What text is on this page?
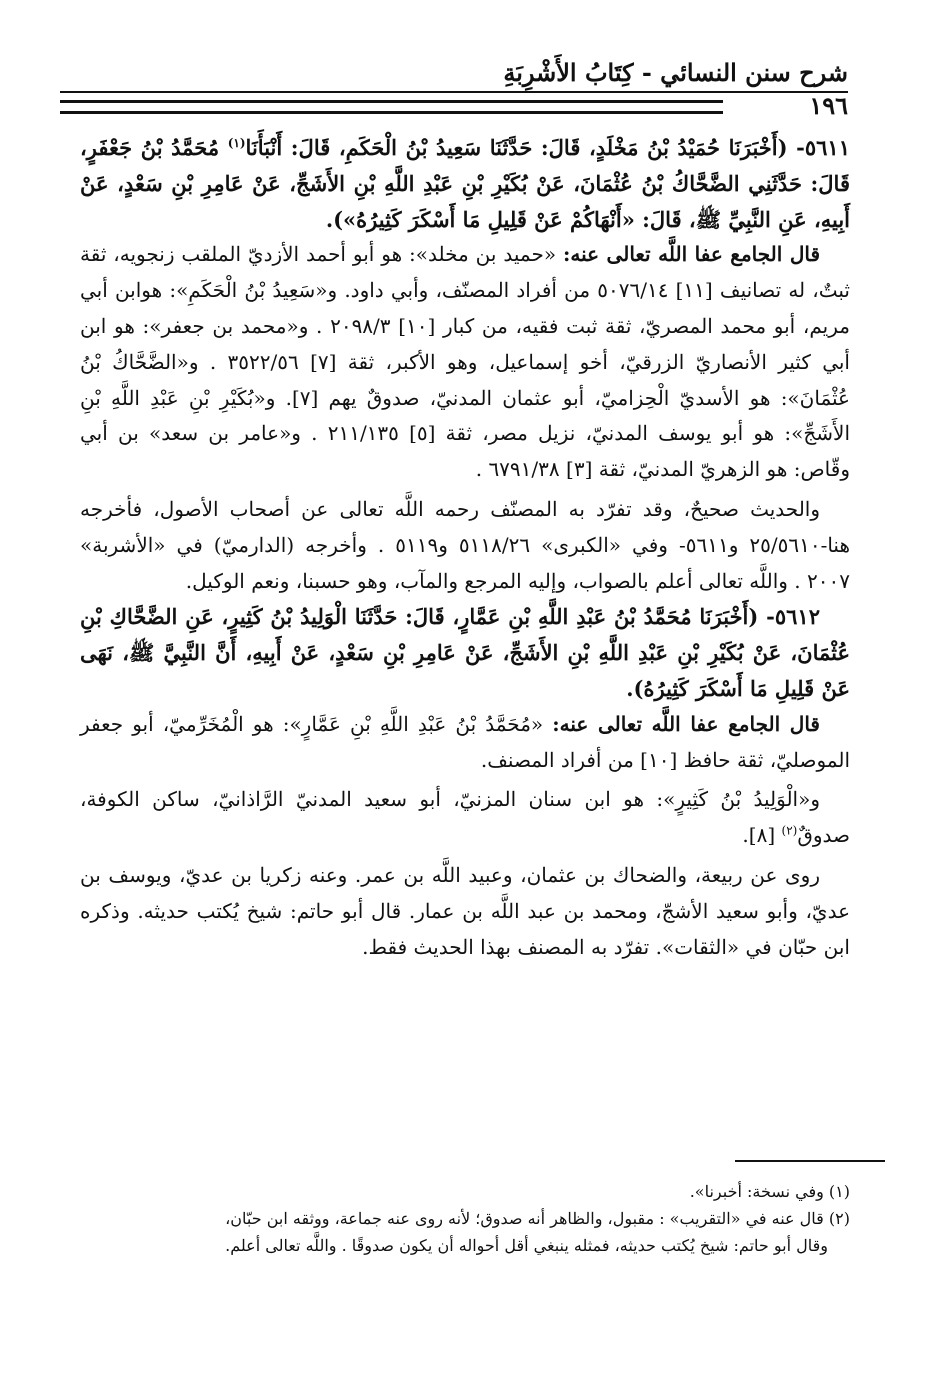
شرح سنن النسائي - كِتَابُ الأَشْرِبَةِ
١٩٦

٥٦١١- (أَخْبَرَنَا حُمَيْدُ بْنُ مَخْلَدٍ، قَالَ: حَدَّثَنَا سَعِيدُ بْنُ الْحَكَمِ، قَالَ: أَنْبَأَنَا$^{(١)}$ مُحَمَّدُ بْنُ جَعْفَرٍ، قَالَ: حَدَّثَنِي الضَّحَّاكُ بْنُ عُثْمَانَ، عَنْ بُكَيْرِ بْنِ عَبْدِ اللَّهِ بْنِ الأَشَجِّ، عَنْ عَامِرِ بْنِ سَعْدٍ، عَنْ أَبِيهِ، عَنِ النَّبِيِّ ﷺ، قَالَ: «أَنْهَاكُمْ عَنْ قَلِيلِ مَا أَسْكَرَ كَثِيرُهُ»).

قال الجامع عفا اللَّه تعالى عنه: «حميد بن مخلد»: هو أبو أحمد الأزديّ الملقب زنجويه، ثقة ثبتٌ، له تصانيف [١١] ٥٠٧٦/١٤ من أفراد المصنّف، وأبي داود. و«سَعِيدُ بْنُ الْحَكَمِ»: هوابن أبي مريم، أبو محمد المصريّ، ثقة ثبت فقيه، من كبار [١٠] ٢٠٩٨/٣ . و«محمد بن جعفر»: هو ابن أبي كثير الأنصاريّ الزرقيّ، أخو إسماعيل، وهو الأكبر، ثقة [٧] ٣٥٢٢/٥٦ . و«الضَّحَّاكُ بْنُ عُثْمَانَ»: هو الأسديّ الْحِزاميّ، أبو عثمان المدنيّ، صدوقٌ يهم [٧]. و«بُكَيْرِ بْنِ عَبْدِ اللَّهِ بْنِ الأَشَجِّ»: هو أبو يوسف المدنيّ، نزيل مصر، ثقة [٥] ٢١١/١٣٥ . و«عامر بن سعد» بن أبي وقّاص: هو الزهريّ المدنيّ، ثقة [٣] ٦٧٩١/٣٨ .

والحديث صحيحٌ، وقد تفرّد به المصنّف رحمه اللَّه تعالى عن أصحاب الأصول، فأخرجه هنا-٢٥/٥٦١٠ و٥٦١١- وفي «الكبرى» ٥١١٨/٢٦ و٥١١٩ . وأخرجه (الدارميّ) في «الأشربة» ٢٠٠٧ . واللَّه تعالى أعلم بالصواب، وإليه المرجع والمآب، وهو حسبنا، ونعم الوكيل.

٥٦١٢- (أَخْبَرَنَا مُحَمَّدُ بْنُ عَبْدِ اللَّهِ بْنِ عَمَّارٍ، قَالَ: حَدَّثَنَا الْوَلِيدُ بْنُ كَثِيرٍ، عَنِ الضَّحَّاكِ بْنِ عُثْمَانَ، عَنْ بُكَيْرِ بْنِ عَبْدِ اللَّهِ بْنِ الأَشَجِّ، عَنْ عَامِرِ بْنِ سَعْدٍ، عَنْ أَبِيهِ، أَنَّ النَّبِيَّ ﷺ، نَهَى عَنْ قَلِيلِ مَا أَسْكَرَ كَثِيرُهُ).

قال الجامع عفا اللَّه تعالى عنه: «مُحَمَّدُ بْنُ عَبْدِ اللَّهِ بْنِ عَمَّارٍ»: هو الْمُخَرِّميّ، أبو جعفر الموصليّ، ثقة حافظ [١٠] من أفراد المصنف.

و«الْوَلِيدُ بْنُ كَثِيرٍ»: هو ابن سنان المزنيّ، أبو سعيد المدنيّ الرَّاذانيّ، ساكن الكوفة، صدوقٌ$^{(٢)}$ [٨].

روى عن ربيعة، والضحاك بن عثمان، وعبيد اللَّه بن عمر. وعنه زكريا بن عديّ، ويوسف بن عديّ، وأبو سعيد الأشجّ، ومحمد بن عبد اللَّه بن عمار. قال أبو حاتم: شيخ يُكتب حديثه. وذكره ابن حبّان في «الثقات». تفرّد به المصنف بهذا الحديث فقط.

(١) وفي نسخة: أخبرنا».

(٢) قال عنه في «التقريب» : مقبول، والظاهر أنه صدوق؛ لأنه روى عنه جماعة، ووثقه ابن حبّان،

وقال أبو حاتم: شيخ يُكتب حديثه، فمثله ينبغي أقل أحواله أن يكون صدوقًا . واللَّه تعالى أعلم.
